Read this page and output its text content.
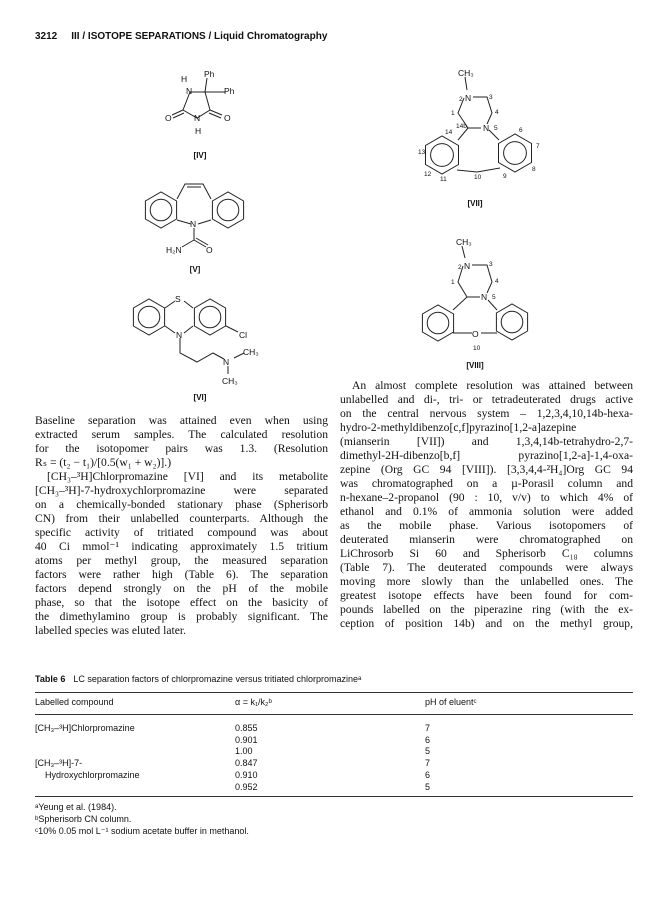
3212 III / ISOTOPE SEPARATIONS / Liquid Chromatography
H
N
Ph
Ph
O	N	O
H
[IV]
N
H₂N	O
[V]
S
N	Cl
N
CH₃
CH₃
[VI]
CH₃
N
N
2	3
4
1
5
14b
14
13
12
11	10	9
8
7
6
[VII]
CH₃
N
N
O
2	3
4
1
5
10
[VIII]
Baseline separation was attained even when using
extracted serum samples. The calculated resolution
for the isotopomer pairs was 1.3. (Resolution
Rₛ = (t₂ − t₁)/[0.5(w₁ + w₂)].)
[CH₃–³H]Chlorpromazine [VI] and its metabolite
[CH₃–³H]-7-hydroxychlorpromazine were separated
on a chemically-bonded stationary phase (Spherisorb
CN) from their unlabelled counterparts. Although the
specific activity of tritiated compound was about
40 Ci mmol⁻¹ indicating approximately 1.5 tritium
atoms per methyl group, the measured separation
factors were rather high (Table 6). The separation
factors depend strongly on the pH of the mobile
phase, so that the isotope effect on the basicity of
the dimethylamino group is probably significant. The
labelled species was eluted later.
An almost complete resolution was attained between
unlabelled and di-, tri- or tetradeuterated drugs active
on the central nervous system – 1,2,3,4,10,14b-hexa-
hydro-2-methyldibenzo[c,f]pyrazino[1,2-a]azepine
(mianserin [VII]) and 1,3,4,14b-tetrahydro-2,7-
dimethyl-2H-dibenzo[b,f] pyrazino[1,2-a]-1,4-oxa-
zepine (Org GC 94 [VIII]). [3,3,4,4-²H₄]Org GC 94
was chromatographed on a µ-Porasil column and
n-hexane–2-propanol (90 : 10, v/v) to which 4% of
ethanol and 0.1% of ammonia solution were added
as the mobile phase. Various isotopomers of
deuterated mianserin were chromatographed on
LiChrosorb Si 60 and Spherisorb C₁₈ columns
(Table 7). The deuterated compounds were always
moving more slowly than the unlabelled ones. The
greatest isotope effects have been found for com-
pounds labelled on the piperazine ring (with the ex-
ception of position 14b) and on the methyl group,
Table 6 LC separation factors of chlorpromazine versus tritiated chlorpromazineᵃ
Labelled compound	α = k₁/k₂ᵇ	pH of eluentᶜ
[CH₃–³H]Chlorpromazine	0.855	7
0.901	6
1.00	5
[CH₃–³H]-7-	0.847	7
Hydroxychlorpromazine	0.910	6
0.952	5
ᵃYeung et al. (1984).
ᵇSpherisorb CN column.
ᶜ10% 0.05 mol L⁻¹ sodium acetate buffer in methanol.
